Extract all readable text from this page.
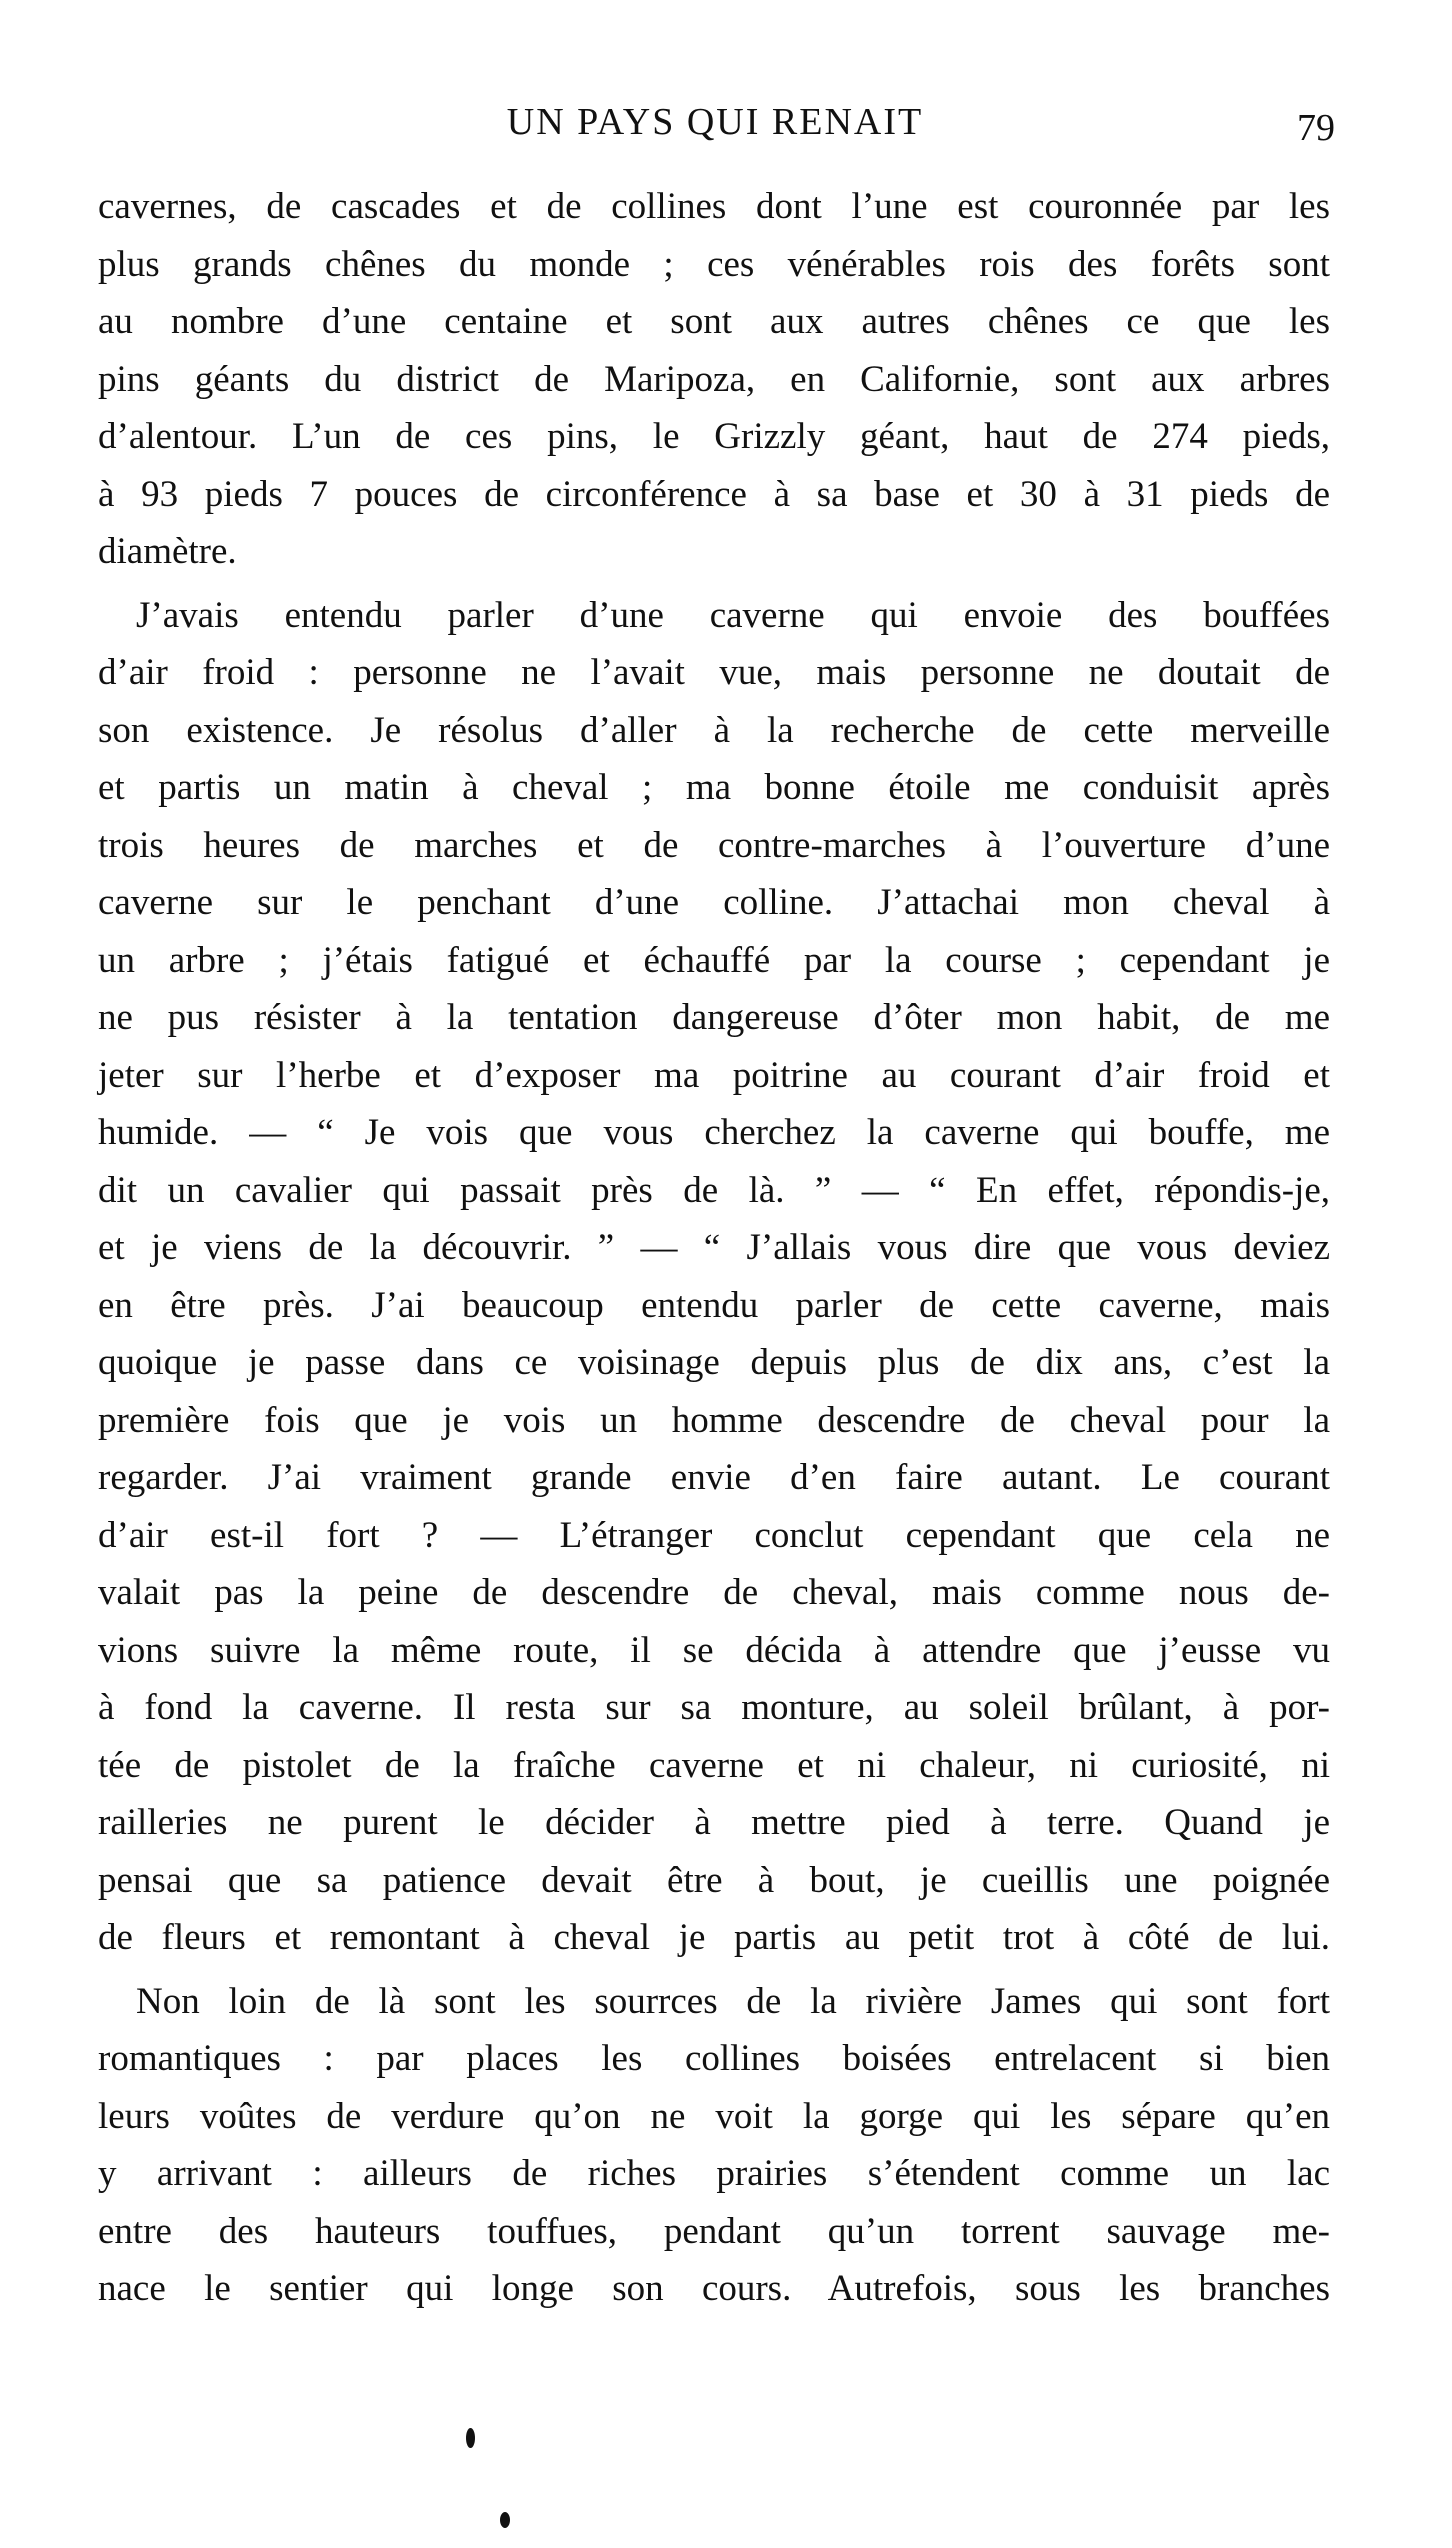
UN PAYS QUI RENAIT	79
cavernes, de cascades et de collines dont l’une est couronnée par les
plus grands chênes du monde ; ces vénérables rois des forêts sont
au nombre d’une centaine et sont aux autres chênes ce que les
pins géants du district de Maripoza, en Californie, sont aux arbres
d’alentour. L’un de ces pins, le Grizzly géant, haut de 274 pieds,
à 93 pieds 7 pouces de circonférence à sa base et 30 à 31 pieds de
diamètre.
J’avais entendu parler d’une caverne qui envoie des bouffées
d’air froid : personne ne l’avait vue, mais personne ne doutait de
son existence. Je résolus d’aller à la recherche de cette merveille
et partis un matin à cheval ; ma bonne étoile me conduisit après
trois heures de marches et de contre-marches à l’ouverture d’une
caverne sur le penchant d’une colline. J’attachai mon cheval à
un arbre ; j’étais fatigué et échauffé par la course ; cependant je
ne pus résister à la tentation dangereuse d’ôter mon habit, de me
jeter sur l’herbe et d’exposer ma poitrine au courant d’air froid et
humide. — “ Je vois que vous cherchez la caverne qui bouffe, me
dit un cavalier qui passait près de là. ” — “ En effet, répondis-je,
et je viens de la découvrir. ” — “ J’allais vous dire que vous deviez
en être près. J’ai beaucoup entendu parler de cette caverne, mais
quoique je passe dans ce voisinage depuis plus de dix ans, c’est la
première fois que je vois un homme descendre de cheval pour la
regarder. J’ai vraiment grande envie d’en faire autant. Le courant
d’air est-il fort ? — L’étranger conclut cependant que cela ne
valait pas la peine de descendre de cheval, mais comme nous de-
vions suivre la même route, il se décida à attendre que j’eusse vu
à fond la caverne. Il resta sur sa monture, au soleil brûlant, à por-
tée de pistolet de la fraîche caverne et ni chaleur, ni curiosité, ni
railleries ne purent le décider à mettre pied à terre. Quand je
pensai que sa patience devait être à bout, je cueillis une poignée
de fleurs et remontant à cheval je partis au petit trot à côté de lui.
Non loin de là sont les sourrces de la rivière James qui sont fort
romantiques : par places les collines boisées entrelacent si bien
leurs voûtes de verdure qu’on ne voit la gorge qui les sépare qu’en
y arrivant : ailleurs de riches prairies s’étendent comme un lac
entre des hauteurs touffues, pendant qu’un torrent sauvage me-
nace le sentier qui longe son cours. Autrefois, sous les branches
